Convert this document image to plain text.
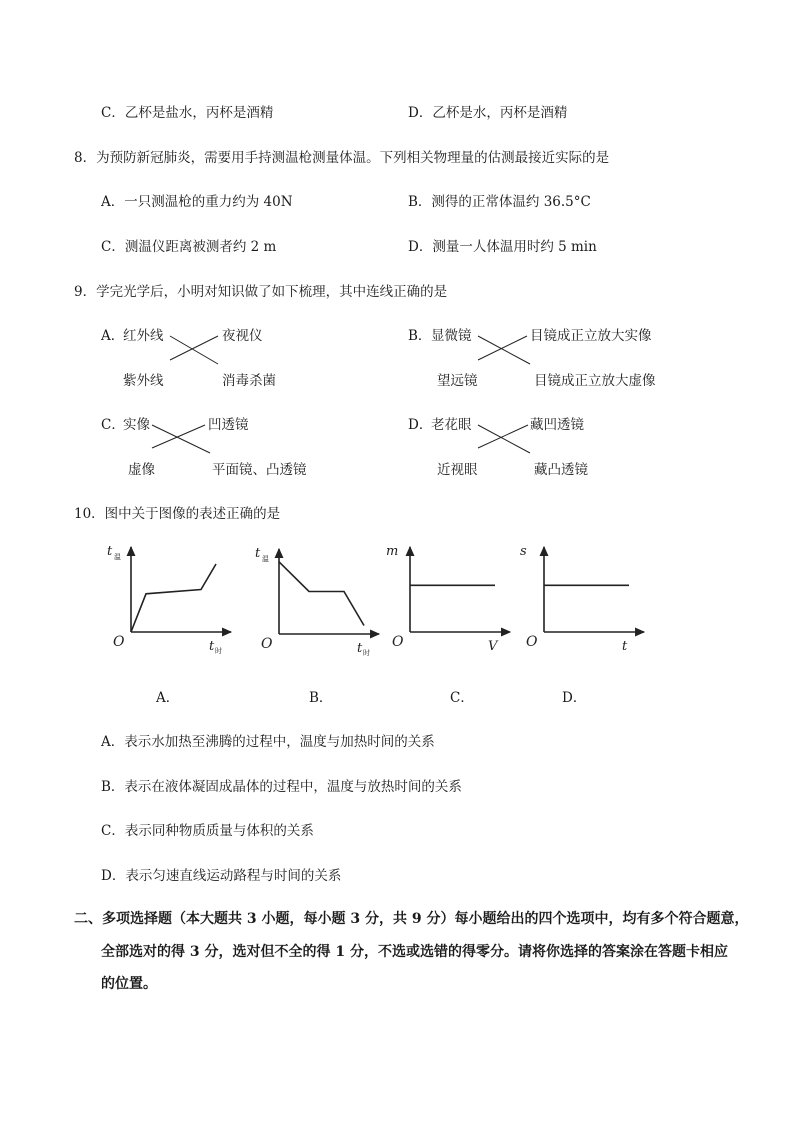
C．乙杯是盐水，丙杯是酒精	D．乙杯是水，丙杯是酒精
8．为预防新冠肺炎，需要用手持测温枪测量体温。下列相关物理量的估测最接近实际的是
A．一只测温枪的重力约为 40N	B．测得的正常体温约 36.5°C
C．测温仪距离被测者约 2 m	D．测量一人体温用时约 5 min
9．学完光学后，小明对知识做了如下梳理，其中连线正确的是
A．
红外线	夜视仪
紫外线	消毒杀菌
B． 显微镜	目镜成正立放大实像
望远镜	目镜成正立放大虚像
C．
实像	凹透镜
虚像	平面镜、凸透镜
D．
老花眼	藏凹透镜
近视眼	藏凸透镜
10．图中关于图像的表述正确的是
O
t 温
t 时	O
t 温
t 时
O
m
V O
s
t
A．	B．	C．	D．
A．表示水加热至沸腾的过程中，温度与加热时间的关系
B．表示在液体凝固成晶体的过程中，温度与放热时间的关系
C．表示同种物质质量与体积的关系
D．表示匀速直线运动路程与时间的关系
二、多项选择题（本大题共 3 小题，每小题 3 分，共 9 分）每小题给出的四个选项中，均有多个符合题意，
全部选对的得 3 分，选对但不全的得 1 分，不选或选错的得零分。请将你选择的答案涂在答题卡相应
的位置。
